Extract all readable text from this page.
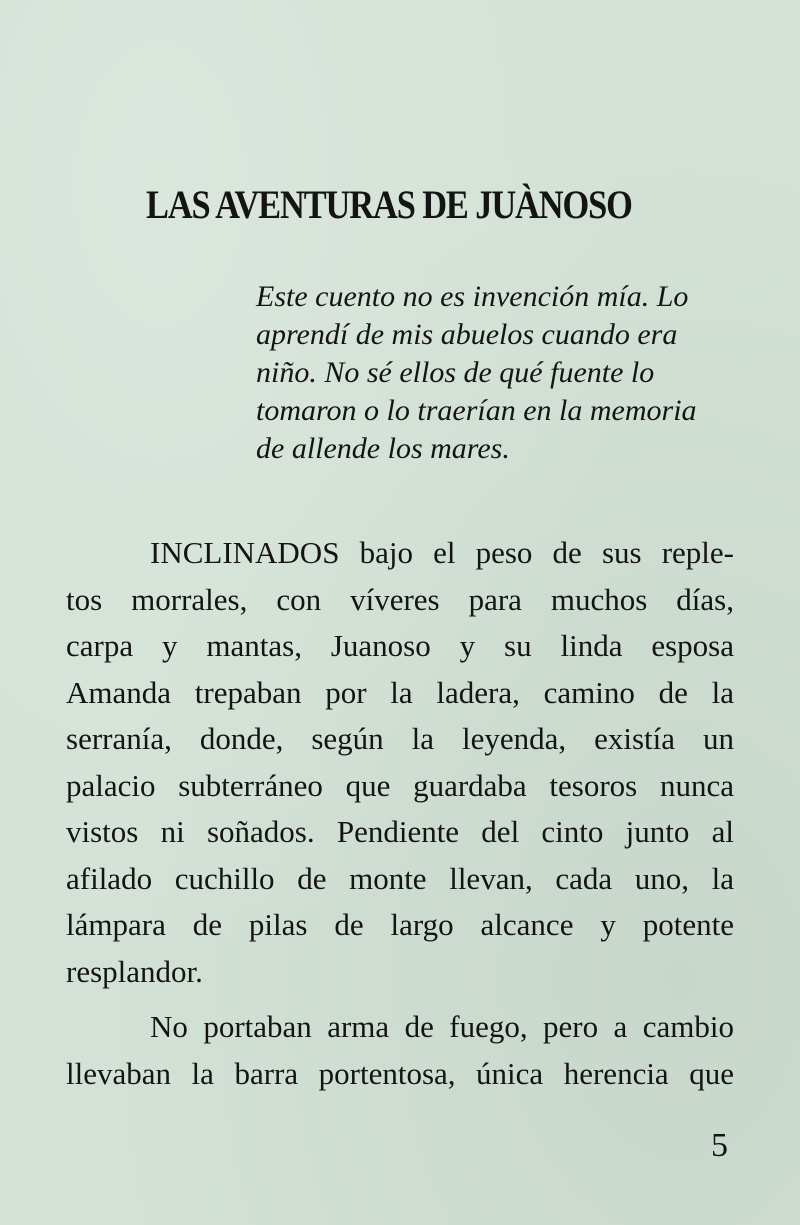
LAS AVENTURAS DE JUÀNOSO
Este cuento no es invención mía. Lo
aprendí de mis abuelos cuando era
niño. No sé ellos de qué fuente lo
tomaron o lo traerían en la memoria
de allende los mares.
INCLINADOS bajo el peso de sus reple-
tos morrales, con víveres para muchos días,
carpa y mantas, Juanoso y su linda esposa
Amanda trepaban por la ladera, camino de la
serranía, donde, según la leyenda, existía un
palacio subterráneo que guardaba tesoros nunca
vistos ni soñados. Pendiente del cinto junto al
afilado cuchillo de monte llevan, cada uno, la
lámpara de pilas de largo alcance y potente
resplandor.
No portaban arma de fuego, pero a cambio
llevaban la barra portentosa, única herencia que
5
